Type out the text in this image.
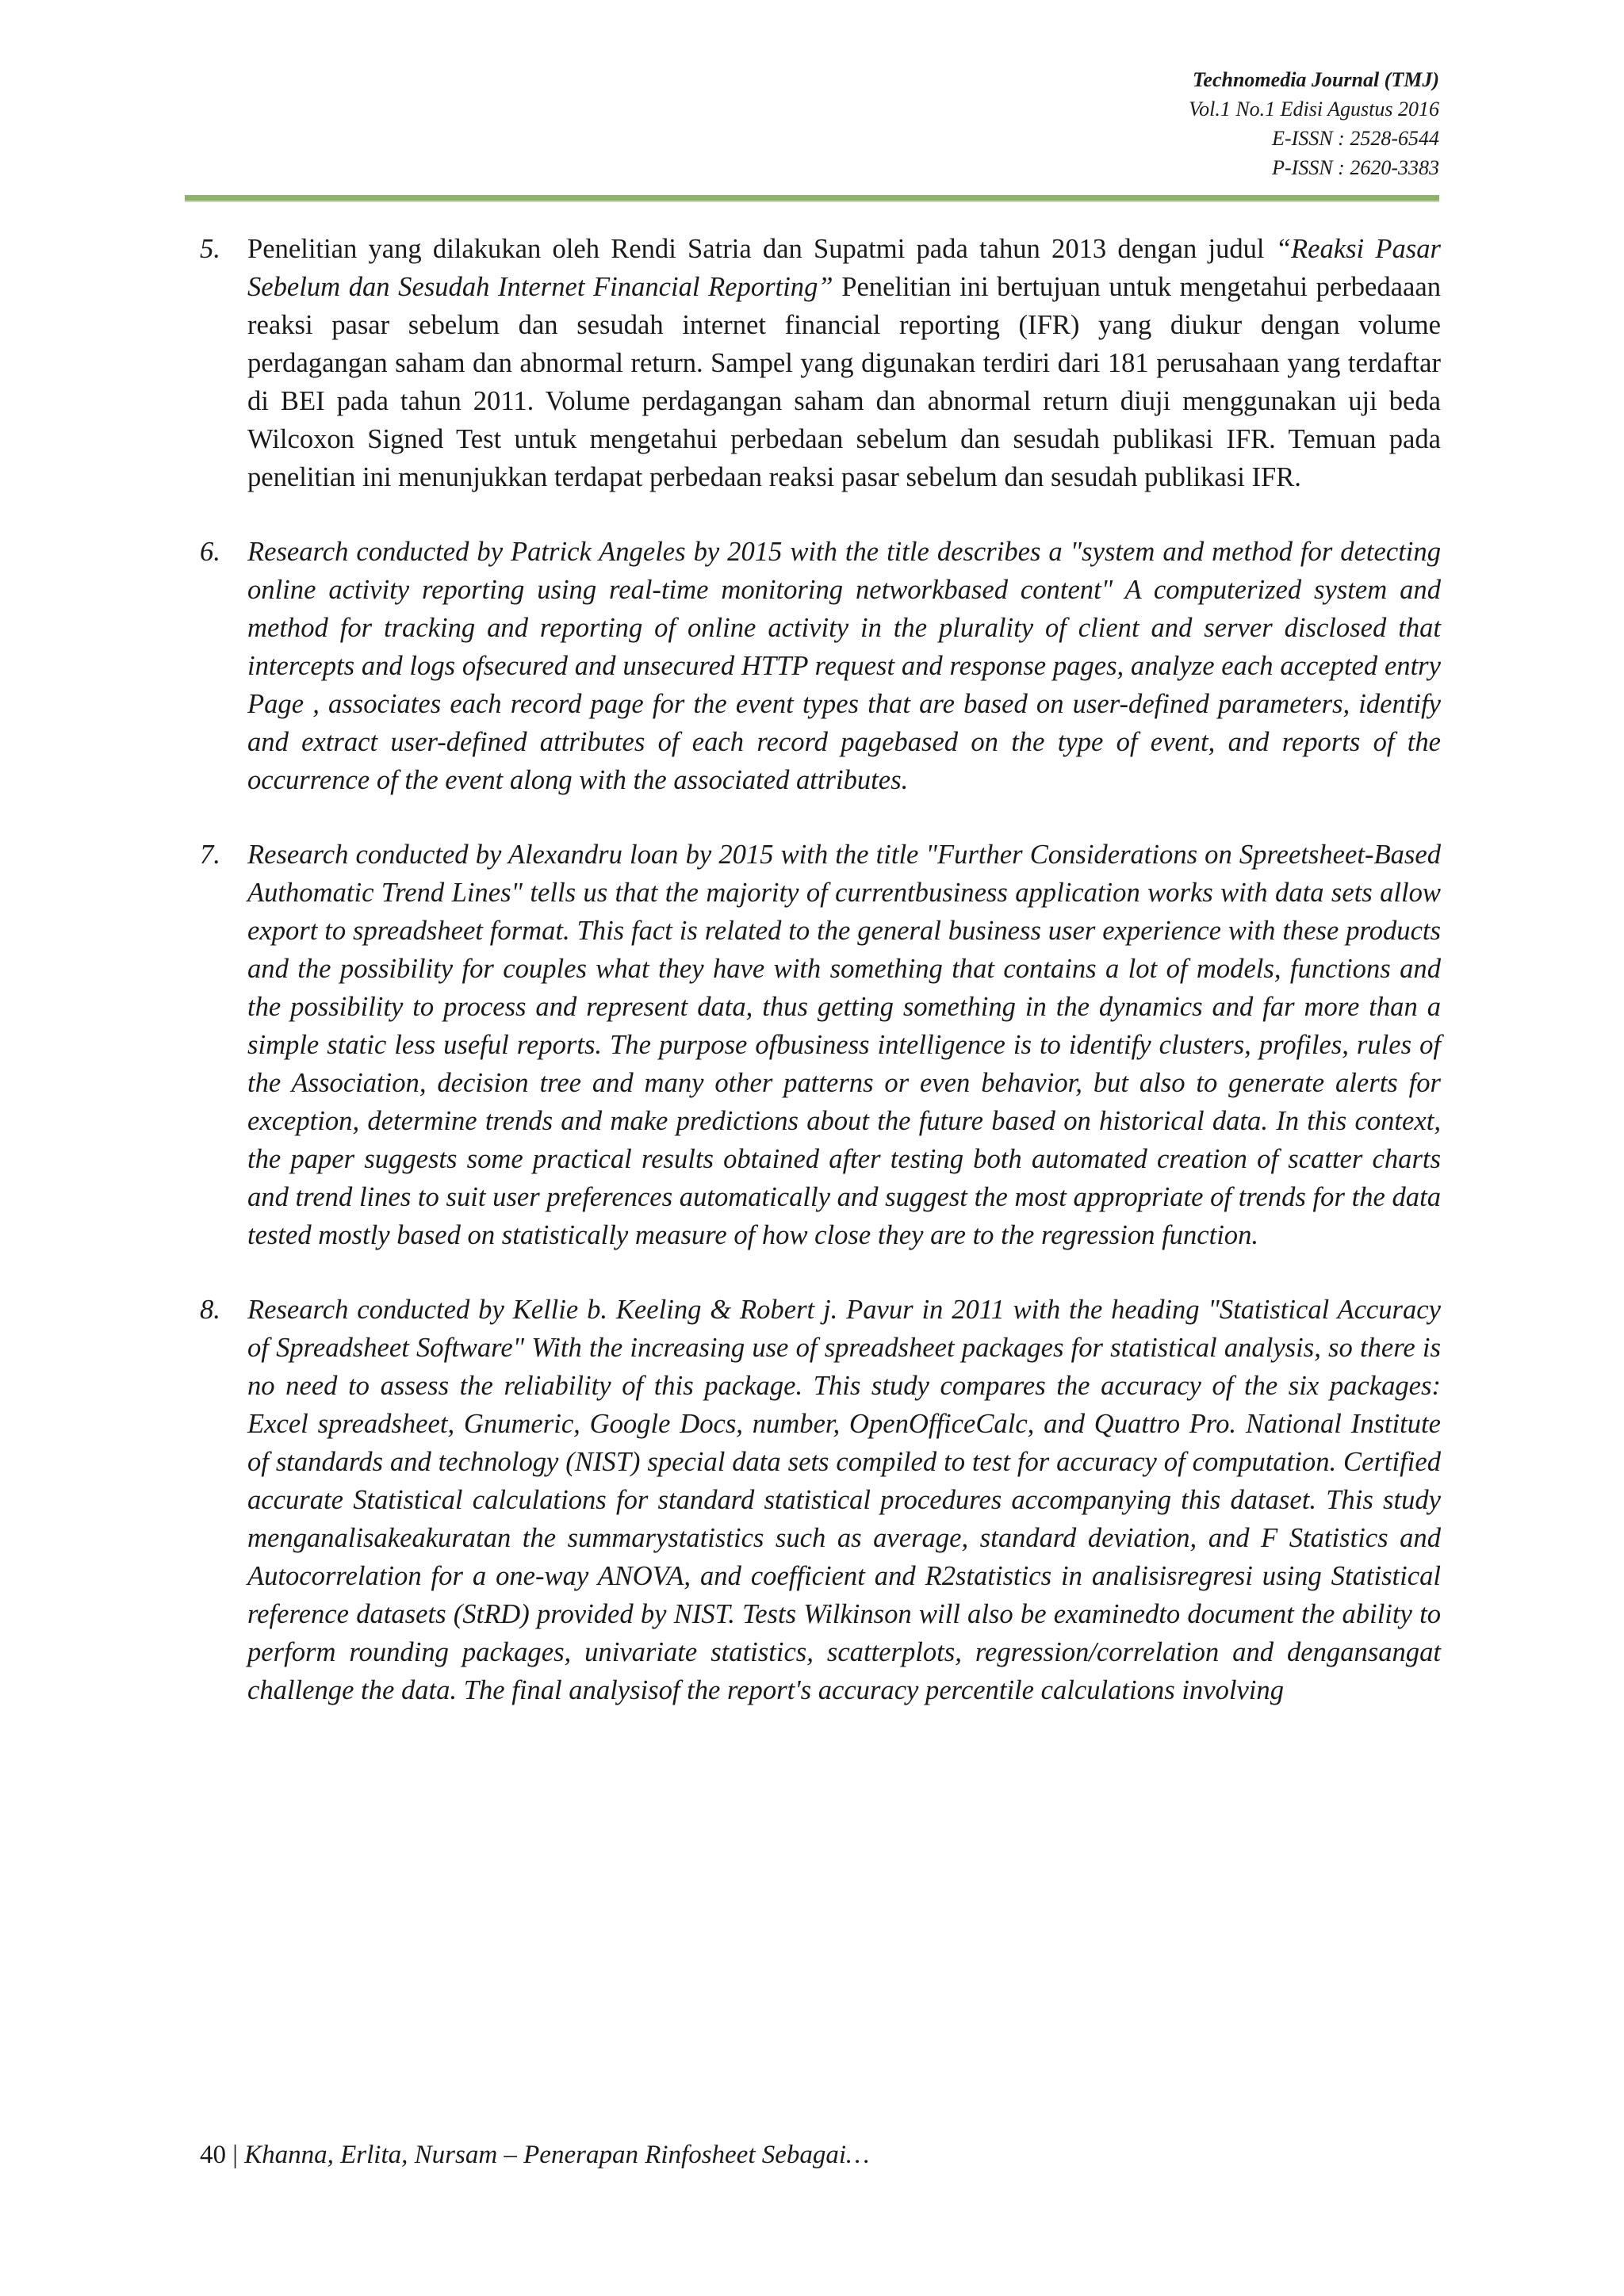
Technomedia Journal (TMJ)
Vol.1 No.1 Edisi Agustus 2016
E-ISSN : 2528-6544
P-ISSN : 2620-3383
5. Penelitian yang dilakukan oleh Rendi Satria dan Supatmi pada tahun 2013 dengan judul “Reaksi Pasar Sebelum dan Sesudah Internet Financial Reporting” Penelitian ini bertujuan untuk mengetahui perbedaaan reaksi pasar sebelum dan sesudah internet financial reporting (IFR) yang diukur dengan volume perdagangan saham dan abnormal return. Sampel yang digunakan terdiri dari 181 perusahaan yang terdaftar di BEI pada tahun 2011. Volume perdagangan saham dan abnormal return diuji menggunakan uji beda Wilcoxon Signed Test untuk mengetahui perbedaan sebelum dan sesudah publikasi IFR. Temuan pada penelitian ini menunjukkan terdapat perbedaan reaksi pasar sebelum dan sesudah publikasi IFR.
6. Research conducted by Patrick Angeles by 2015 with the title describes a "system and method for detecting online activity reporting using real-time monitoring networkbased content" A computerized system and method for tracking and reporting of online activity in the plurality of client and server disclosed that intercepts and logs ofsecured and unsecured HTTP request and response pages, analyze each accepted entry Page , associates each record page for the event types that are based on user-defined parameters, identify and extract user-defined attributes of each record pagebased on the type of event, and reports of the occurrence of the event along with the associated attributes.
7. Research conducted by Alexandru loan by 2015 with the title "Further Considerations on Spreetsheet-Based Authomatic Trend Lines" tells us that the majority of currentbusiness application works with data sets allow export to spreadsheet format. This fact is related to the general business user experience with these products and the possibility for couples what they have with something that contains a lot of models, functions and the possibility to process and represent data, thus getting something in the dynamics and far more than a simple static less useful reports. The purpose ofbusiness intelligence is to identify clusters, profiles, rules of the Association, decision tree and many other patterns or even behavior, but also to generate alerts for exception, determine trends and make predictions about the future based on historical data. In this context, the paper suggests some practical results obtained after testing both automated creation of scatter charts and trend lines to suit user preferences automatically and suggest the most appropriate of trends for the data tested mostly based on statistically measure of how close they are to the regression function.
8. Research conducted by Kellie b. Keeling & Robert j. Pavur in 2011 with the heading "Statistical Accuracy of Spreadsheet Software" With the increasing use of spreadsheet packages for statistical analysis, so there is no need to assess the reliability of this package. This study compares the accuracy of the six packages: Excel spreadsheet, Gnumeric, Google Docs, number, OpenOfficeCalc, and Quattro Pro. National Institute of standards and technology (NIST) special data sets compiled to test for accuracy of computation. Certified accurate Statistical calculations for standard statistical procedures accompanying this dataset. This study menganalisakeakuratan the summarystatistics such as average, standard deviation, and F Statistics and Autocorrelation for a one-way ANOVA, and coefficient and R2statistics in analisisregresi using Statistical reference datasets (StRD) provided by NIST. Tests Wilkinson will also be examinedto document the ability to perform rounding packages, univariate statistics, scatterplots, regression/correlation and dengansangat challenge the data. The final analysisof the report's accuracy percentile calculations involving
40 | Khanna, Erlita, Nursam – Penerapan Rinfosheet Sebagai…
